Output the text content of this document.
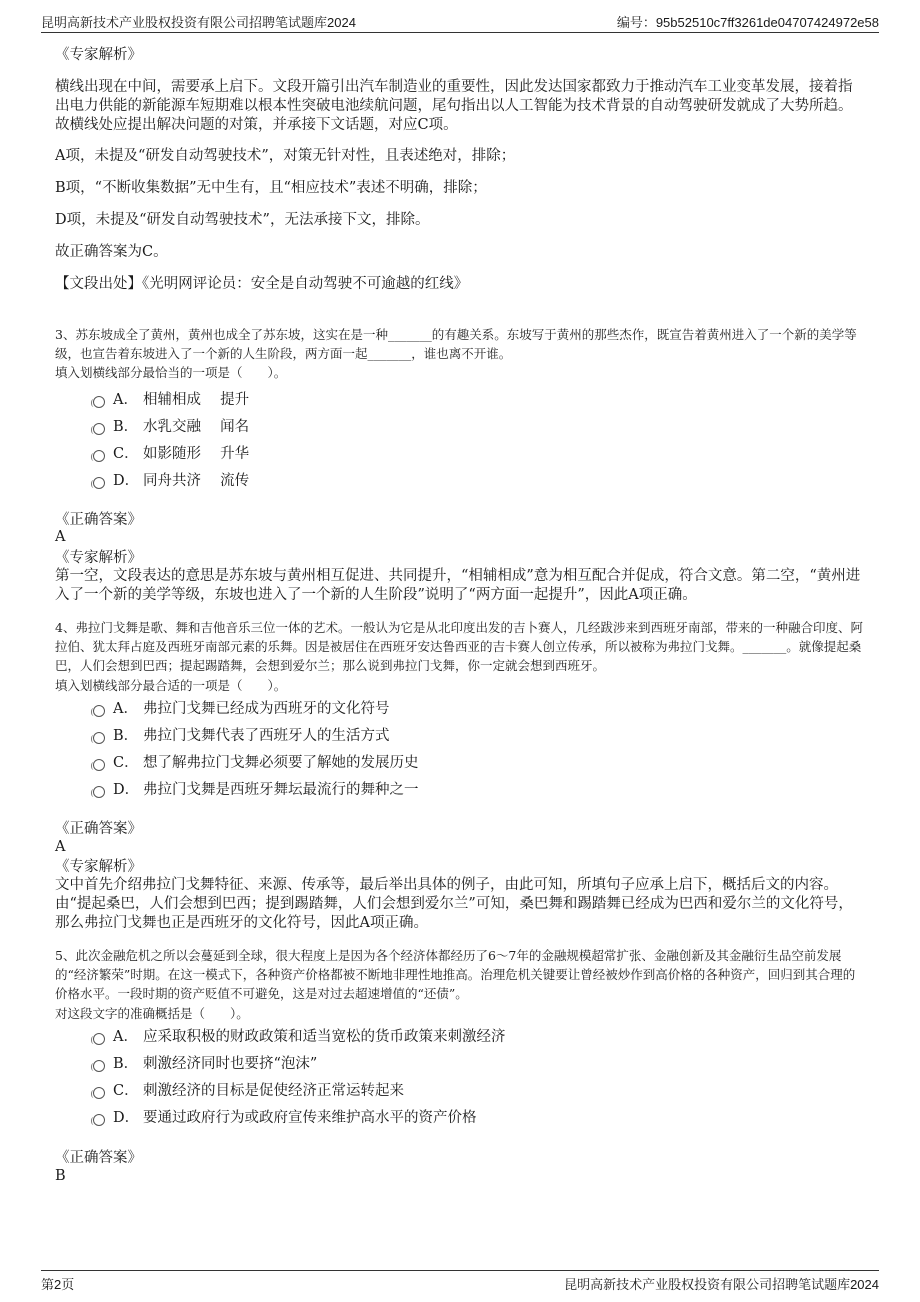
昆明高新技术产业股权投资有限公司招聘笔试题库2024	编号：95b52510c7ff3261de04707424972e58
《专家解析》
横线出现在中间，需要承上启下。文段开篇引出汽车制造业的重要性，因此发达国家都致力于推动汽车工业变革发展，接着指出电力供能的新能源车短期难以根本性突破电池续航问题，尾句指出以人工智能为技术背景的自动驾驶研发就成了大势所趋。故横线处应提出解决问题的对策，并承接下文话题，对应C项。
A项，未提及“研发自动驾驶技术”，对策无针对性，且表述绝对，排除；
B项，“不断收集数据”无中生有，且“相应技术”表述不明确，排除；
D项，未提及“研发自动驾驶技术”，无法承接下文，排除。
故正确答案为C。
【文段出处】《光明网评论员：安全是自动驾驶不可逾越的红线》
3、苏东坡成全了黄州，黄州也成全了苏东坡，这实在是一种_______的有趣关系。东坡写于黄州的那些杰作，既宣告着黄州进入了一个新的美学等级，也宣告着东坡进入了一个新的人生阶段，两方面一起_______，谁也离不开谁。
填入划横线部分最恰当的一项是（　　）。
A． 相辅相成　 提升
B． 水乳交融　 闻名
C． 如影随形　 升华
D． 同舟共济　 流传
《正确答案》
A
《专家解析》
第一空，文段表达的意思是苏东坡与黄州相互促进、共同提升，“相辅相成”意为相互配合并促成，符合文意。第二空，“黄州进入了一个新的美学等级，东坡也进入了一个新的人生阶段”说明了“两方面一起提升”，因此A项正确。
4、弗拉门戈舞是歌、舞和吉他音乐三位一体的艺术。一般认为它是从北印度出发的吉卜赛人，几经跋涉来到西班牙南部，带来的一种融合印度、阿拉伯、犹太拜占庭及西班牙南部元素的乐舞。因是被居住在西班牙安达鲁西亚的吉卡赛人创立传承，所以被称为弗拉门戈舞。_______。就像提起桑巴，人们会想到巴西；提起踢踏舞，会想到爱尔兰；那么说到弗拉门戈舞，你一定就会想到西班牙。
填入划横线部分最合适的一项是（　　）。
A． 弗拉门戈舞已经成为西班牙的文化符号
B． 弗拉门戈舞代表了西班牙人的生活方式
C． 想了解弗拉门戈舞必须要了解她的发展历史
D． 弗拉门戈舞是西班牙舞坛最流行的舞种之一
《正确答案》
A
《专家解析》
文中首先介绍弗拉门戈舞特征、来源、传承等，最后举出具体的例子，由此可知，所填句子应承上启下，概括后文的内容。由“提起桑巴，人们会想到巴西；提到踢踏舞，人们会想到爱尔兰”可知，桑巴舞和踢踏舞已经成为巴西和爱尔兰的文化符号，那么弗拉门戈舞也正是西班牙的文化符号，因此A项正确。
5、此次金融危机之所以会蔓延到全球，很大程度上是因为各个经济体都经历了6～7年的金融规模超常扩张、金融创新及其金融衍生品空前发展的“经济繁荣”时期。在这一模式下，各种资产价格都被不断地非理性地推高。治理危机关键要让曾经被炒作到高价格的各种资产，回归到其合理的价格水平。一段时期的资产贬值不可避免，这是对过去超速增值的“还债”。
对这段文字的准确概括是（　　）。
A． 应采取积极的财政政策和适当宽松的货币政策来刺激经济
B． 刺激经济同时也要挤“泡沫”
C． 刺激经济的目标是促使经济正常运转起来
D． 要通过政府行为或政府宣传来维护高水平的资产价格
《正确答案》
B
第2页	昆明高新技术产业股权投资有限公司招聘笔试题库2024
